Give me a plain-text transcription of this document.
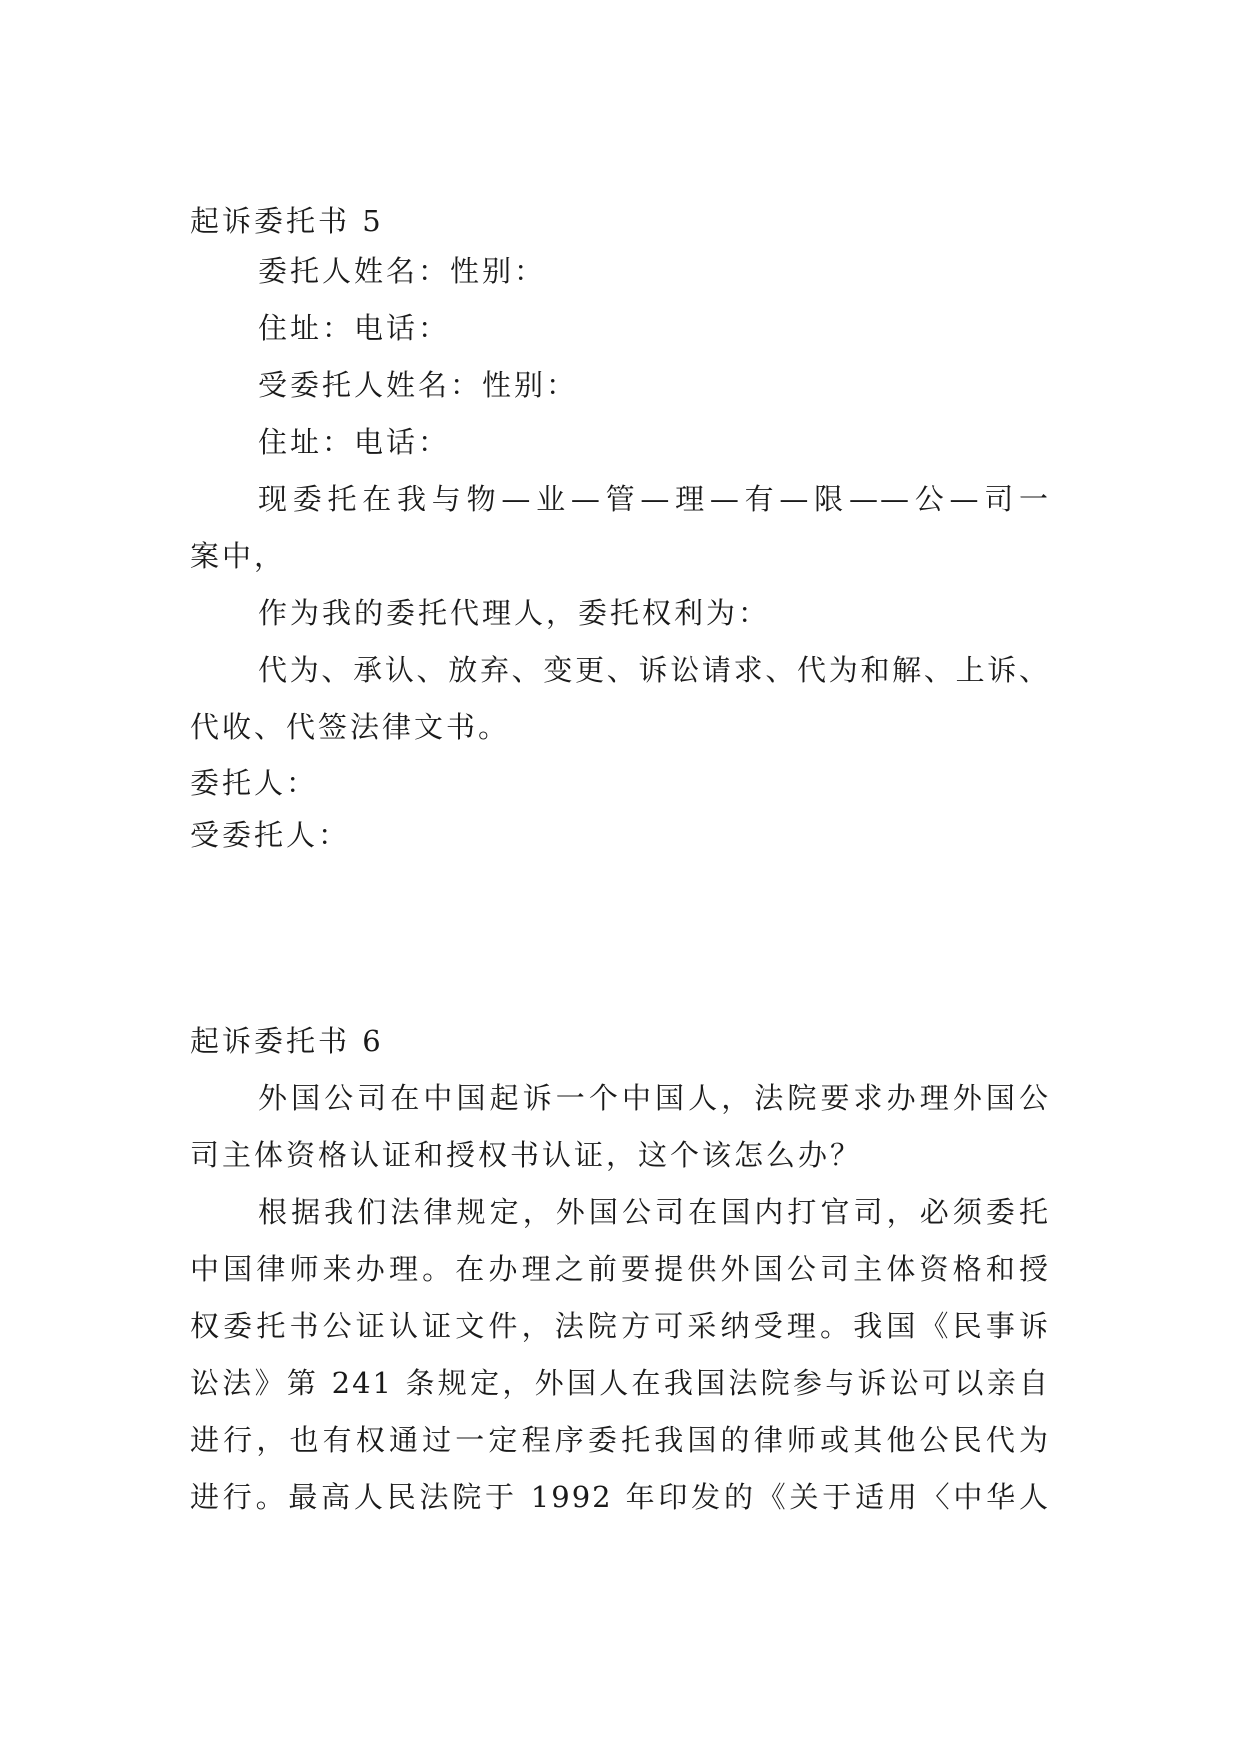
起诉委托书 5
委托人姓名：性别：
住址：电话：
受委托人姓名：性别：
住址：电话：
现委托在我与物—业—管—理—有—限——公—司一
案中，
作为我的委托代理人，委托权利为：
代为、承认、放弃、变更、诉讼请求、代为和解、上诉、
代收、代签法律文书。
委托人：
受委托人：
起诉委托书 6
外国公司在中国起诉一个中国人，法院要求办理外国公
司主体资格认证和授权书认证，这个该怎么办？
根据我们法律规定，外国公司在国内打官司，必须委托
中国律师来办理。在办理之前要提供外国公司主体资格和授
权委托书公证认证文件，法院方可采纳受理。我国《民事诉
讼法》第 241 条规定，外国人在我国法院参与诉讼可以亲自
进行，也有权通过一定程序委托我国的律师或其他公民代为
进行。最高人民法院于 1992 年印发的《关于适用〈中华人
